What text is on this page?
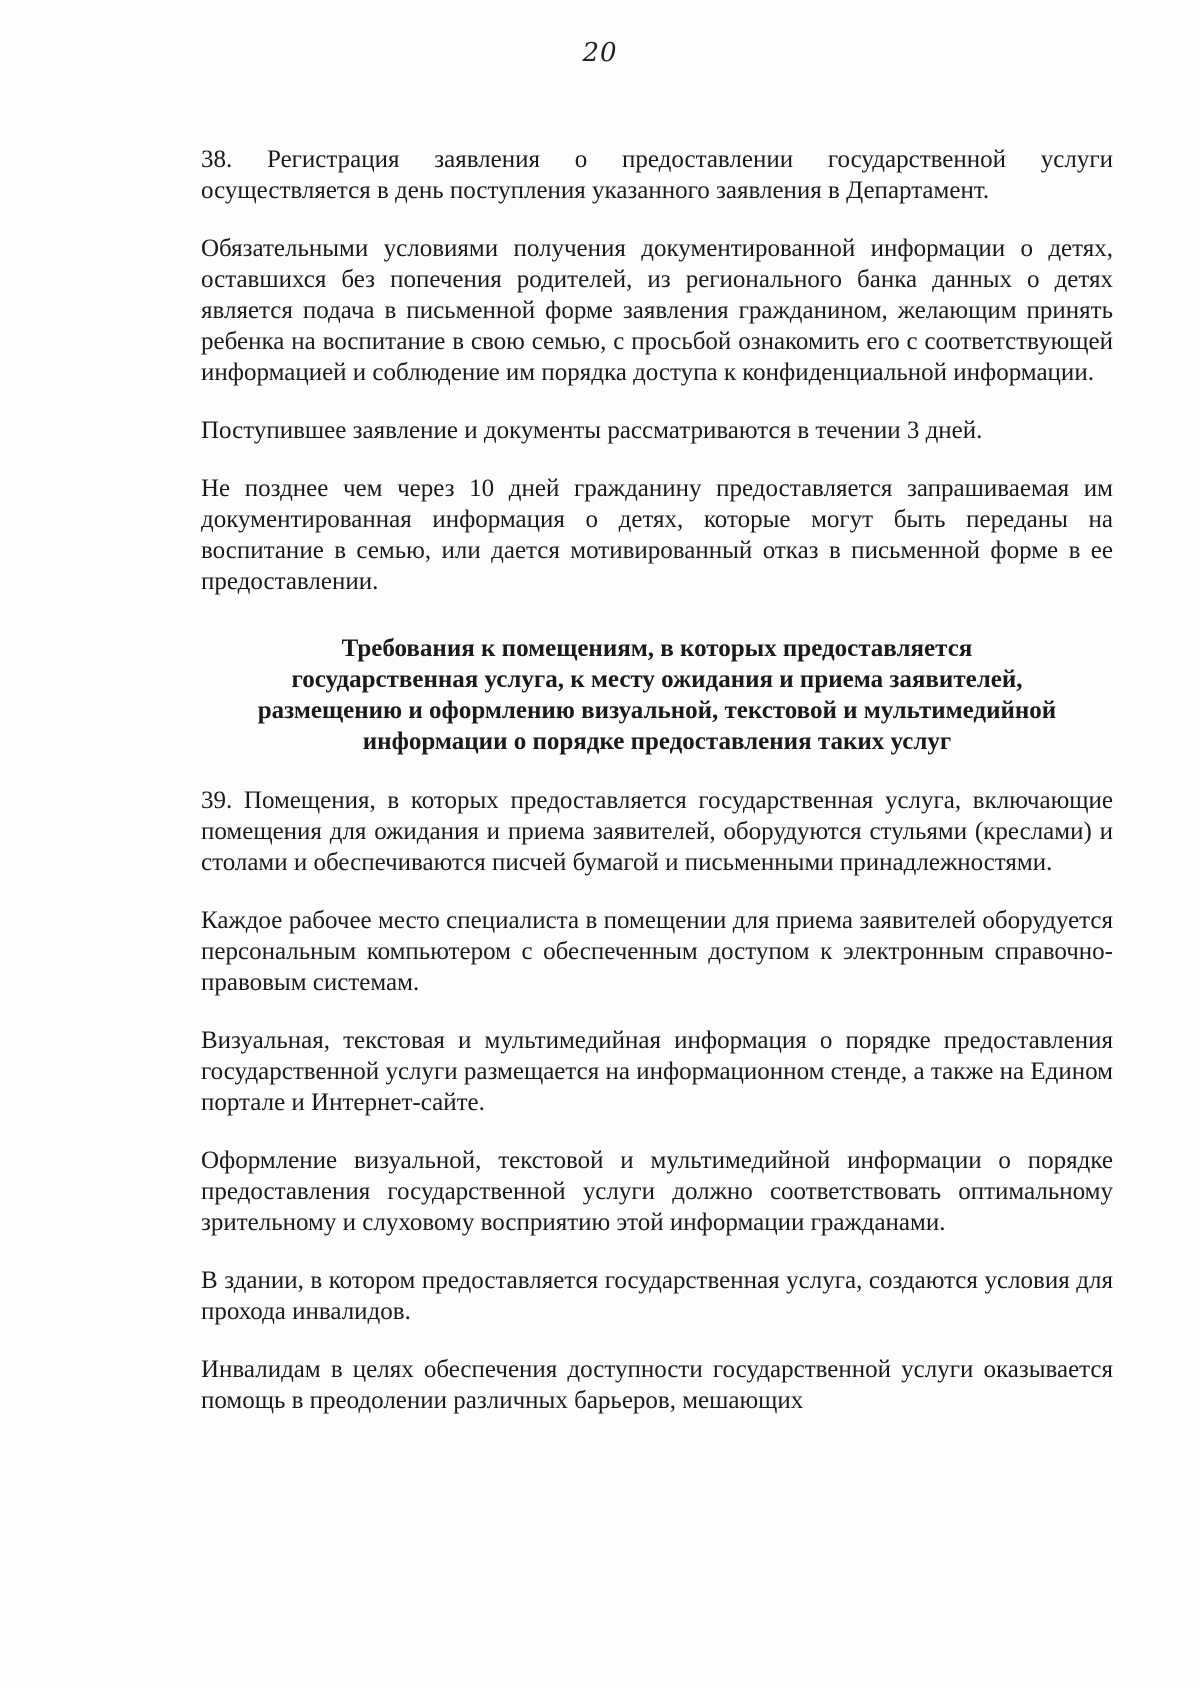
20

38. Регистрация заявления о предоставлении государственной услуги осуществляется в день поступления указанного заявления в Департамент.

Обязательными условиями получения документированной информации о детях, оставшихся без попечения родителей, из регионального банка данных о детях является подача в письменной форме заявления гражданином, желающим принять ребенка на воспитание в свою семью, с просьбой ознакомить его с соответствующей информацией и соблюдение им порядка доступа к конфиденциальной информации.

Поступившее заявление и документы рассматриваются в течении 3 дней.

Не позднее чем через 10 дней гражданину предоставляется запрашиваемая им документированная информация о детях, которые могут быть переданы на воспитание в семью, или дается мотивированный отказ в письменной форме в ее предоставлении.

Требования к помещениям, в которых предоставляется
государственная услуга, к месту ожидания и приема заявителей,
размещению и оформлению визуальной, текстовой и мультимедийной
информации о порядке предоставления таких услуг

39. Помещения, в которых предоставляется государственная услуга, включающие помещения для ожидания и приема заявителей, оборудуются стульями (креслами) и столами и обеспечиваются писчей бумагой и письменными принадлежностями.

Каждое рабочее место специалиста в помещении для приема заявителей оборудуется персональным компьютером с обеспеченным доступом к электронным справочно-правовым системам.

Визуальная, текстовая и мультимедийная информация о порядке предоставления государственной услуги размещается на информационном стенде, а также на Едином портале и Интернет-сайте.

Оформление визуальной, текстовой и мультимедийной информации о порядке предоставления государственной услуги должно соответствовать оптимальному зрительному и слуховому восприятию этой информации гражданами.

В здании, в котором предоставляется государственная услуга, создаются условия для прохода инвалидов.

Инвалидам в целях обеспечения доступности государственной услуги оказывается помощь в преодолении различных барьеров, мешающих
